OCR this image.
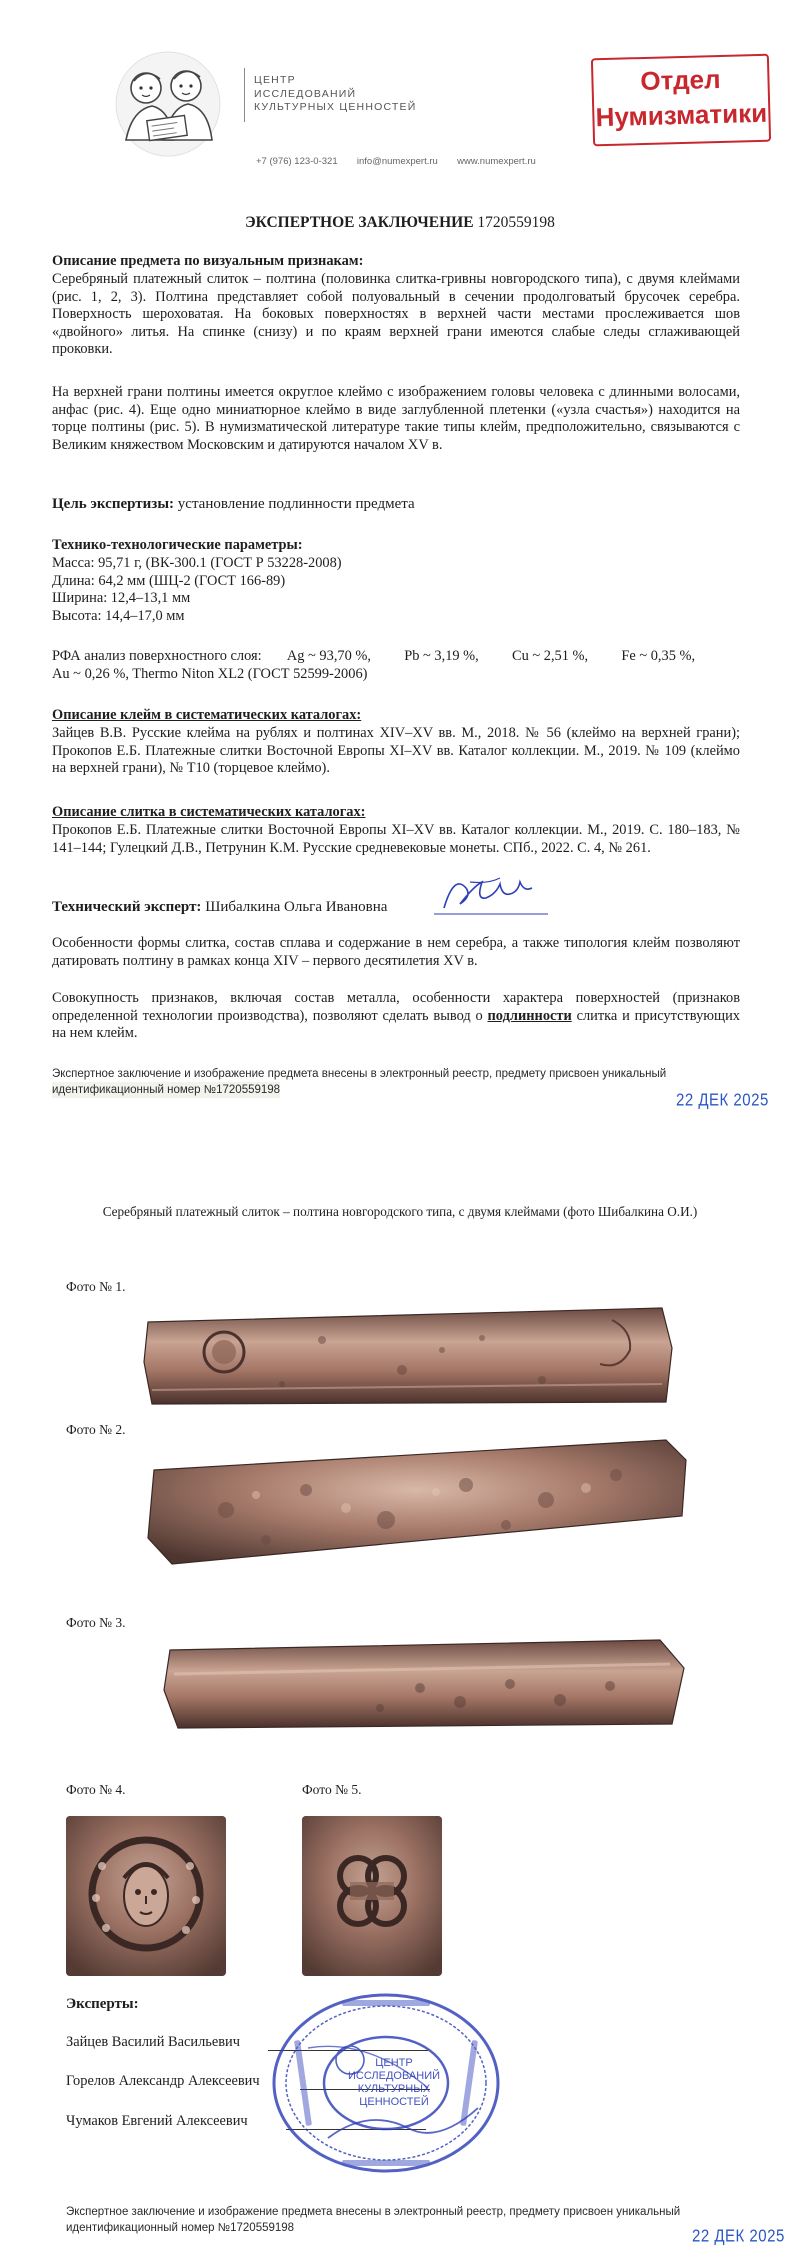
ЦЕНТР
ИССЛЕДОВАНИЙ
КУЛЬТУРНЫХ ЦЕННОСТЕЙ
+7 (976) 123-0-321 info@numexpert.ru www.numexpert.ru
Отдел
Нумизматики
ЭКСПЕРТНОЕ ЗАКЛЮЧЕНИЕ 1720559198
Описание предмета по визуальным признакам:

Серебряный платежный слиток – полтина (половинка слитка-гривны новгородского типа), с двумя клеймами (рис. 1, 2, 3). Полтина представляет собой полуовальный в сечении продолговатый брусочек серебра. Поверхность шероховатая. На боковых поверхностях в верхней части местами прослеживается шов «двойного» литья. На спинке (снизу) и по краям верхней грани имеются слабые следы сглаживающей проковки.

На верхней грани полтины имеется округлое клеймо с изображением головы человека с длинными волосами, анфас (рис. 4). Еще одно миниатюрное клеймо в виде заглубленной плетенки («узла счастья») находится на торце полтины (рис. 5). В нумизматической литературе такие типы клейм, предположительно, связываются с Великим княжеством Московским и датируются началом XV в.

Цель экспертизы: установление подлинности предмета
Технико-технологические параметры:
Масса: 95,71 г, (ВК-300.1 (ГОСТ Р 53228-2008)
Длина: 64,2 мм (ШЦ-2 (ГОСТ 166-89)
Ширина: 12,4–13,1 мм
Высота: 14,4–17,0 мм
РФА анализ поверхностного слоя: Ag ~ 93,70 %, Pb ~ 3,19 %, Cu ~ 2,51 %, Fe ~ 0,35 %,
Au ~ 0,26 %, Thermo Niton XL2 (ГОСТ 52599-2006)
Описание клейм в систематических каталогах:

Зайцев В.В. Русские клейма на рублях и полтинах XIV–XV вв. М., 2018. № 56 (клеймо на верхней грани); Прокопов Е.Б. Платежные слитки Восточной Европы XI–XV вв. Каталог коллекции. М., 2019. № 109 (клеймо на верхней грани), № T10 (торцевое клеймо).

Описание слитка в систематических каталогах:

Прокопов Е.Б. Платежные слитки Восточной Европы XI–XV вв. Каталог коллекции. М., 2019. С. 180–183, № 141–144; Гулецкий Д.В., Петрунин К.М. Русские средневековые монеты. СПб., 2022. С. 4, № 261.

Технический эксперт: Шибалкина Ольга Ивановна

Особенности формы слитка, состав сплава и содержание в нем серебра, а также типология клейм позволяют датировать полтину в рамках конца XIV – первого десятилетия XV в.

Совокупность признаков, включая состав металла, особенности характера поверхностей (признаков определенной технологии производства), позволяют сделать вывод о подлинности слитка и присутствующих на нем клейм.

Экспертное заключение и изображение предмета внесены в электронный реестр, предмету присвоен уникальный
идентификационный номер №1720559198
22 ДЕК 2025
Серебряный платежный слиток – полтина новгородского типа, с двумя клеймами (фото Шибалкина О.И.)
Фото № 1.
Фото № 2.
Фото № 3.
Фото № 4.	Фото № 5.
Эксперты:
Зайцев Василий Васильевич
Горелов Александр Алексеевич
Чумаков Евгений Алексеевич
ЦЕНТР
ИССЛЕДОВАНИЙ
КУЛЬТУРНЫХ
ЦЕННОСТЕЙ
Экспертное заключение и изображение предмета внесены в электронный реестр, предмету присвоен уникальный
идентификационный номер №1720559198	22 ДЕК 2025
